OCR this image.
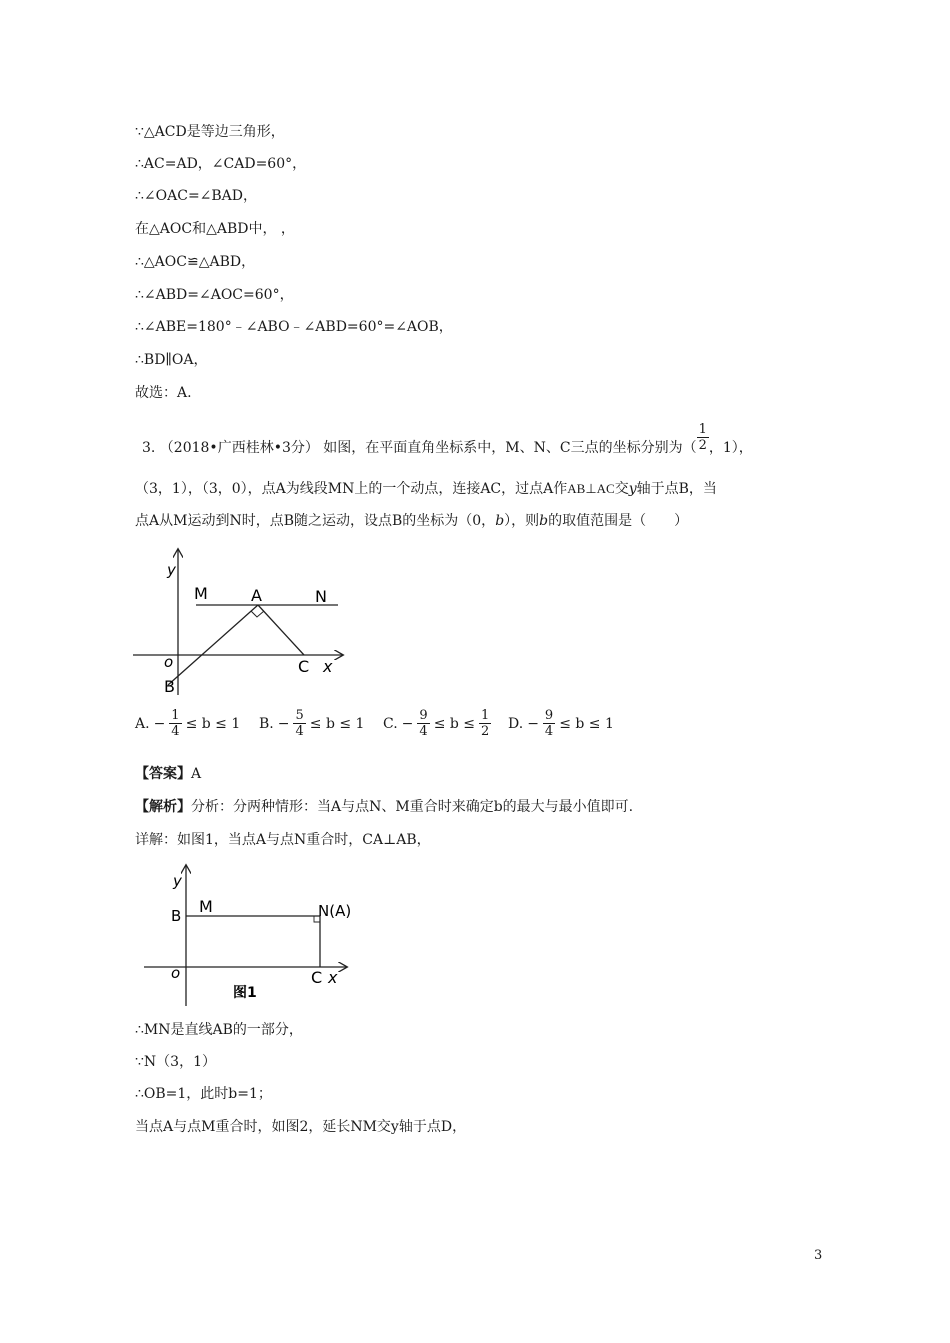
∵△ACD是等边三角形，
∴AC=AD，∠CAD=60°，
∴∠OAC=∠BAD，
在△AOC和△ABD中， ，
∴△AOC≌△ABD，
∴∠ABD=∠AOC=60°，
∴∠ABE=180°﹣∠ABO﹣∠ABD=60°=∠AOB，
∴BD∥OA，
故选：A.
3. （2018•广西桂林•3分） 如图，在平面直角坐标系中，M、N、C三点的坐标分别为（ $\frac{1}{2}$ ，1），
（3，1），（3，0），点A为线段MN上的一个动点，连接AC，过点A作AB⊥AC交y轴于点B，当
点A从M运动到N时，点B随之运动，设点B的坐标为（0，b），则b的取值范围是（　　）
y
M	A	N
o	C x
B
A. − $\frac{1}{4} \le b \le 1$ B. − $\frac{5}{4} \le b \le 1$ C. − $\frac{9}{4} \le b \le \frac{1}{2} D$. − $\frac{9}{4} \le b \le 1$
【答案】A
【解析】分析：分两种情形：当A与点N、M重合时来确定b的最大与最小值即可.
详解：如图1，当点A与点N重合时，CA⊥AB，
y
B M	N(A)
o	C x
图1
∴MN是直线AB的一部分，
∵N（3，1）
∴OB=1，此时b=1；
当点A与点M重合时，如图2，延长NM交y轴于点D，
3
